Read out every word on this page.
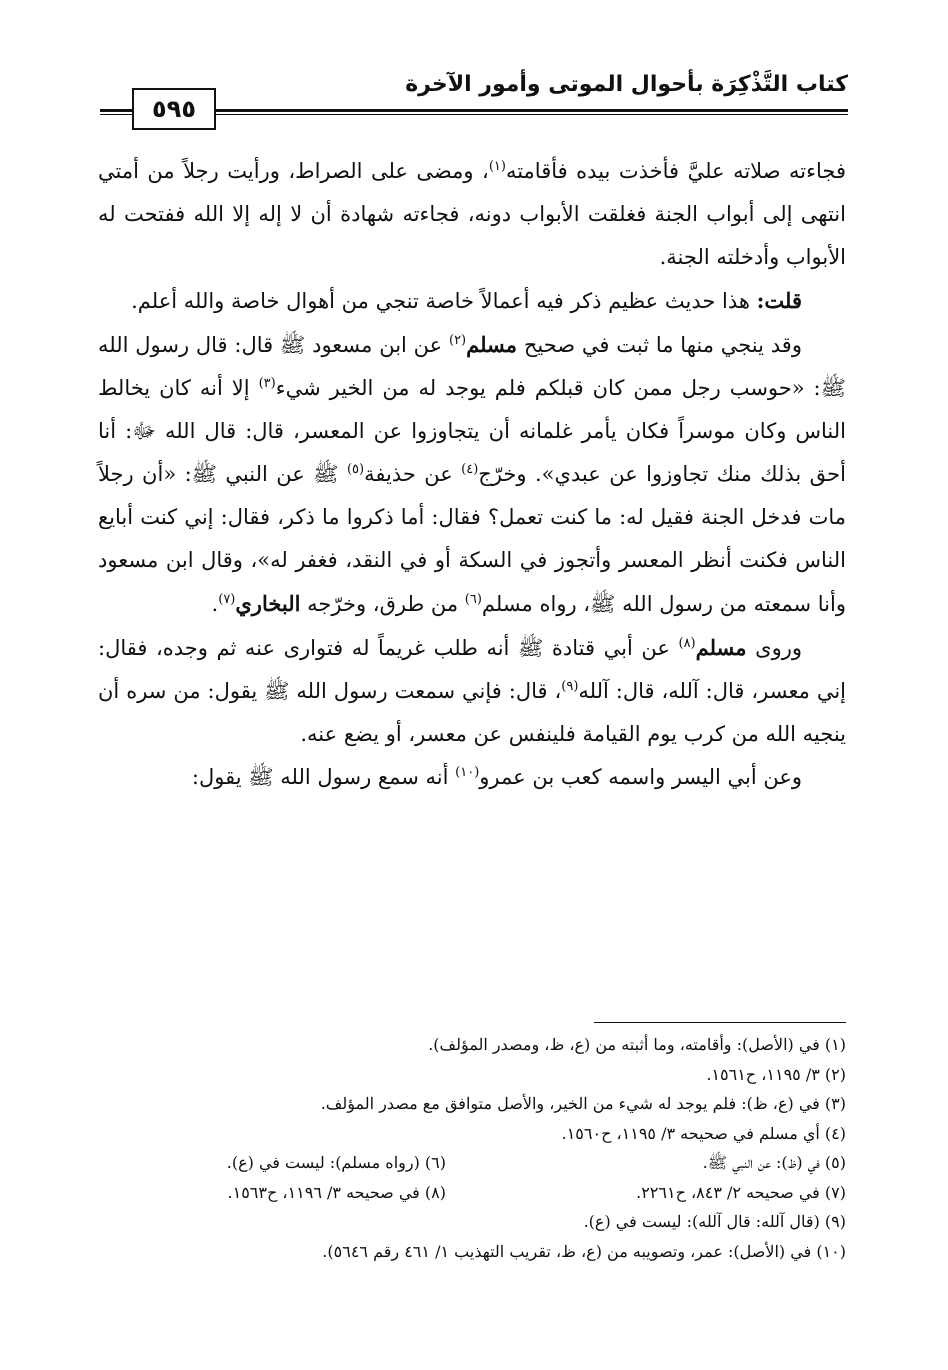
كتاب التَّذْكِرَة بأحوال الموتى وأمور الآخرة
٥٩٥

فجاءته صلاته عليَّ فأخذت بيده فأقامته$^{(١)}$، ومضى على الصراط، ورأيت رجلاً من أمتي انتهى إلى أبواب الجنة فغلقت الأبواب دونه، فجاءته شهادة أن لا إله إلا الله ففتحت له الأبواب وأدخلته الجنة.

قلت: هذا حديث عظيم ذكر فيه أعمالاً خاصة تنجي من أهوال خاصة والله أعلم.

وقد ينجي منها ما ثبت في صحيح مسلم$^{(٢)}$ عن ابن مسعود ﷺ قال: قال رسول الله ﷺ: «حوسب رجل ممن كان قبلكم فلم يوجد له من الخير شيء$^{(٣)}$ إلا أنه كان يخالط الناس وكان موسراً فكان يأمر غلمانه أن يتجاوزوا عن المعسر، قال: قال الله ﷻ: أنا أحق بذلك منك تجاوزوا عن عبدي». وخرّج$^{(٤)}$ عن حذيفة$^{(٥)}$ ﷺ عن النبي ﷺ: «أن رجلاً مات فدخل الجنة فقيل له: ما كنت تعمل؟ فقال: أما ذكروا ما ذكر، فقال: إني كنت أبايع الناس فكنت أنظر المعسر وأتجوز في السكة أو في النقد، فغفر له»، وقال ابن مسعود وأنا سمعته من رسول الله ﷺ، رواه مسلم$^{(٦)}$ من طرق، وخرّجه البخاري$^{(٧)}$.

وروى مسلم$^{(٨)}$ عن أبي قتادة ﷺ أنه طلب غريماً له فتوارى عنه ثم وجده، فقال: إني معسر، قال: آلله، قال: آلله$^{(٩)}$، قال: فإني سمعت رسول الله ﷺ يقول: من سره أن ينجيه الله من كرب يوم القيامة فلينفس عن معسر، أو يضع عنه.

وعن أبي اليسر واسمه كعب بن عمرو$^{(١٠)}$ أنه سمع رسول الله ﷺ يقول:

(١) في (الأصل): وأقامته، وما أثبته من (ع، ظ، ومصدر المؤلف).
(٢) ٣/ ١١٩٥، ح١٥٦١.
(٣) في (ع، ظ): فلم يوجد له شيء من الخير، والأصل متوافق مع مصدر المؤلف.
(٤) أي مسلم في صحيحه ٣/ ١١٩٥، ح١٥٦٠.
(٥) في (ظ): عن النبي ﷺ.
(٦) (رواه مسلم): ليست في (ع).
(٧) في صحيحه ٢/ ٨٤٣، ح٢٢٦١.
(٨) في صحيحه ٣/ ١١٩٦، ح١٥٦٣.
(٩) (قال آلله: قال آلله): ليست في (ع).
(١٠) في (الأصل): عمر، وتصويبه من (ع، ظ، تقريب التهذيب ١/ ٤٦١ رقم ٥٦٤٦).
